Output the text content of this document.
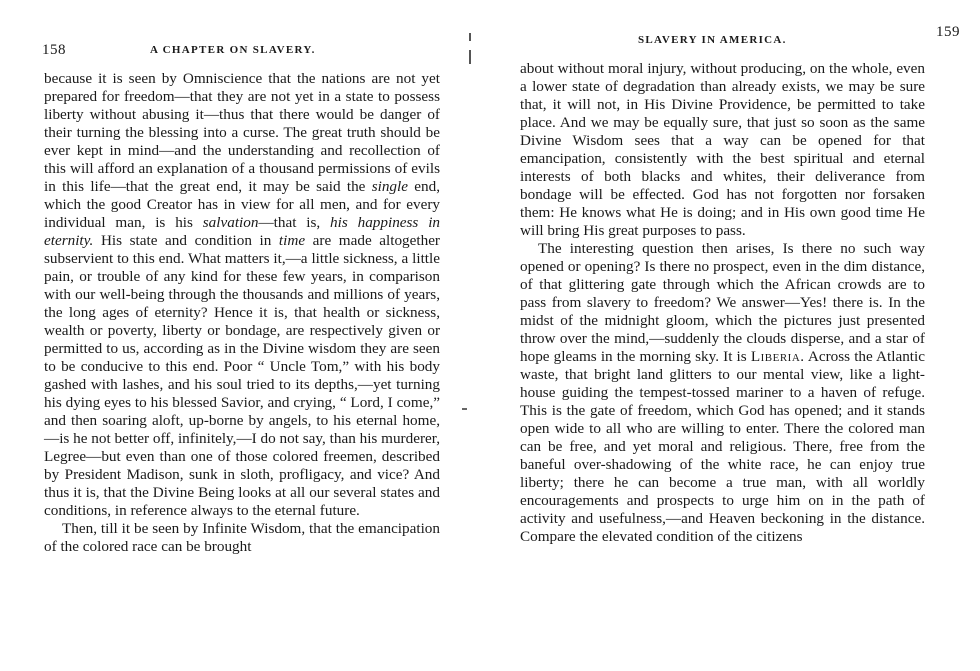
158	A CHAPTER ON SLAVERY.

because it is seen by Omniscience that the nations are not yet prepared for freedom—that they are not yet in a state to possess liberty without abusing it—thus that there would be danger of their turning the blessing into a curse. The great truth should be ever kept in mind—and the understanding and recollection of this will afford an explanation of a thousand permissions of evils in this life—that the great end, it may be said the single end, which the good Creator has in view for all men, and for every individual man, is his salvation—that is, his happiness in eternity. His state and condition in time are made altogether subservient to this end. What matters it,—a little sickness, a little pain, or trouble of any kind for these few years, in comparison with our well-being through the thousands and millions of years, the long ages of eternity? Hence it is, that health or sickness, wealth or poverty, liberty or bondage, are respectively given or permitted to us, according as in the Divine wisdom they are seen to be conducive to this end. Poor “ Uncle Tom,” with his body gashed with lashes, and his soul tried to its depths,—yet turning his dying eyes to his blessed Savior, and crying, “ Lord, I come,” and then soaring aloft, up-borne by angels, to his eternal home,—is he not better off, infinitely,—I do not say, than his murderer, Legree—but even than one of those colored freemen, described by President Madison, sunk in sloth, profligacy, and vice? And thus it is, that the Divine Being looks at all our several states and conditions, in reference always to the eternal future.

Then, till it be seen by Infinite Wisdom, that the emancipation of the colored race can be brought

SLAVERY IN AMERICA.	159

about without moral injury, without producing, on the whole, even a lower state of degradation than already exists, we may be sure that, it will not, in His Divine Providence, be permitted to take place. And we may be equally sure, that just so soon as the same Divine Wisdom sees that a way can be opened for that emancipation, consistently with the best spiritual and eternal interests of both blacks and whites, their deliverance from bondage will be effected. God has not forgotten nor forsaken them: He knows what He is doing; and in His own good time He will bring His great purposes to pass.

The interesting question then arises, Is there no such way opened or opening? Is there no prospect, even in the dim distance, of that glittering gate through which the African crowds are to pass from slavery to freedom? We answer—Yes! there is. In the midst of the midnight gloom, which the pictures just presented throw over the mind,—suddenly the clouds disperse, and a star of hope gleams in the morning sky. It is Liberia. Across the Atlantic waste, that bright land glitters to our mental view, like a light-house guiding the tempest-tossed mariner to a haven of refuge. This is the gate of freedom, which God has opened; and it stands open wide to all who are willing to enter. There the colored man can be free, and yet moral and religious. There, free from the baneful over-shadowing of the white race, he can enjoy true liberty; there he can become a true man, with all worldly encouragements and prospects to urge him on in the path of activity and usefulness,—and Heaven beckoning in the distance. Compare the elevated condition of the citizens
